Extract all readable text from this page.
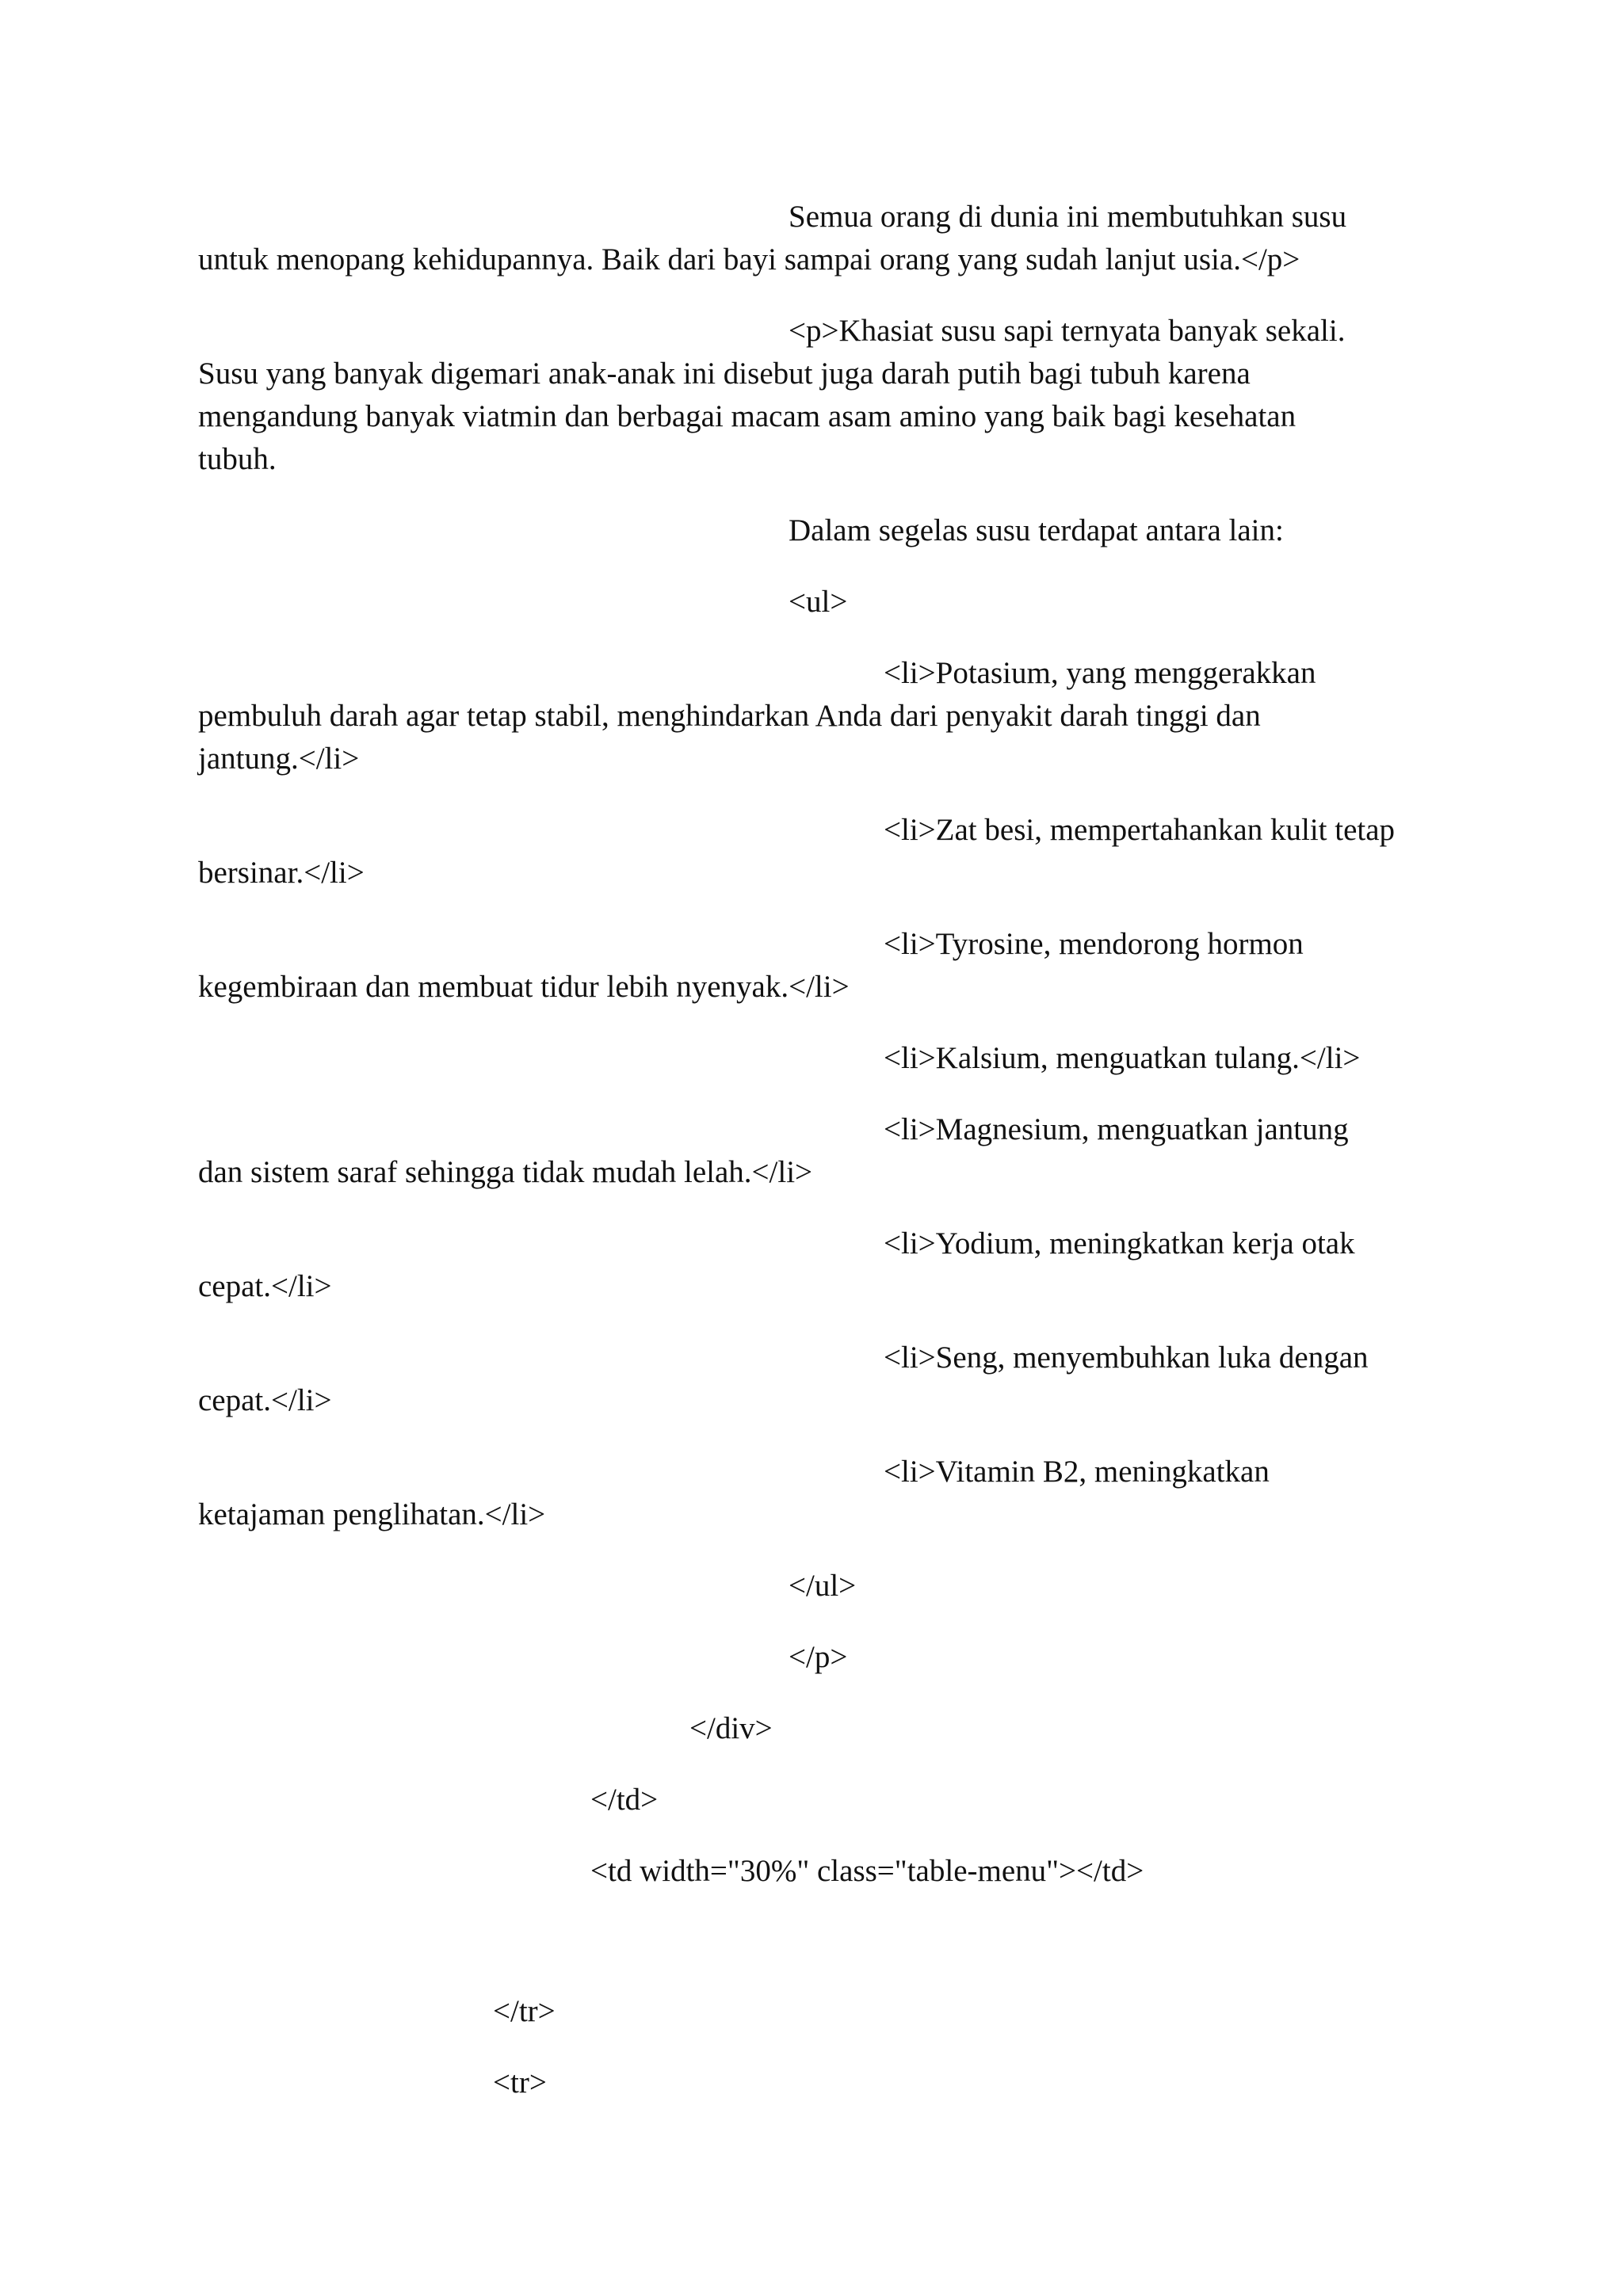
Semua orang di dunia ini membutuhkan susu

untuk menopang kehidupannya. Baik dari bayi sampai orang yang sudah lanjut usia.</p>

<p>Khasiat susu sapi ternyata banyak sekali.

Susu yang banyak digemari anak-anak ini disebut juga darah putih bagi tubuh karena

mengandung banyak viatmin dan berbagai macam asam amino yang baik bagi kesehatan

tubuh.

Dalam segelas susu terdapat antara lain:

<ul>

<li>Potasium, yang menggerakkan

pembuluh darah agar tetap stabil, menghindarkan Anda dari penyakit darah tinggi dan

jantung.</li>

<li>Zat besi, mempertahankan kulit tetap

bersinar.</li>

<li>Tyrosine, mendorong hormon

kegembiraan dan membuat tidur lebih nyenyak.</li>

<li>Kalsium, menguatkan tulang.</li>

<li>Magnesium, menguatkan jantung

dan sistem saraf sehingga tidak mudah lelah.</li>

<li>Yodium, meningkatkan kerja otak

cepat.</li>

<li>Seng, menyembuhkan luka dengan

cepat.</li>

<li>Vitamin B2, meningkatkan

ketajaman penglihatan.</li>

</ul>

</p>

</div>

</td>

<td width="30%" class="table-menu"></td>

</tr>

<tr>
